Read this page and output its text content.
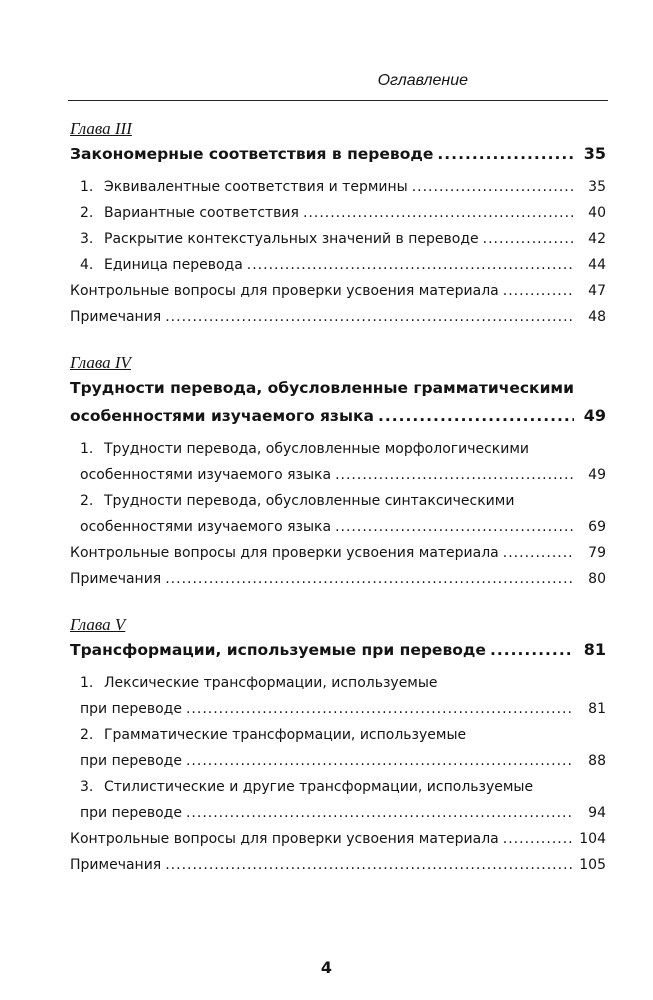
Оглавление
Глава III
Закономерные соответствия в переводе .....	35
1. Эквивалентные соответствия и термины .....	35
2. Вариантные соответствия .....	40
3. Раскрытие контекстуальных значений в переводе .....	42
4. Единица перевода .....	44
Контрольные вопросы для проверки усвоения материала .....	47
Примечания .....	48
Глава IV
Трудности перевода, обусловленные грамматическими
особенностями изучаемого языка .....	49
1. Трудности перевода, обусловленные морфологическими
особенностями изучаемого языка .....	49
2. Трудности перевода, обусловленные синтаксическими
особенностями изучаемого языка .....	69
Контрольные вопросы для проверки усвоения материала .....	79
Примечания .....	80
Глава V
Трансформации, используемые при переводе .....	81
1. Лексические трансформации, используемые
при переводе .....	81
2. Грамматические трансформации, используемые
при переводе .....	88
3. Стилистические и другие трансформации, используемые
при переводе .....	94
Контрольные вопросы для проверки усвоения материала .....	104
Примечания .....	105
4
